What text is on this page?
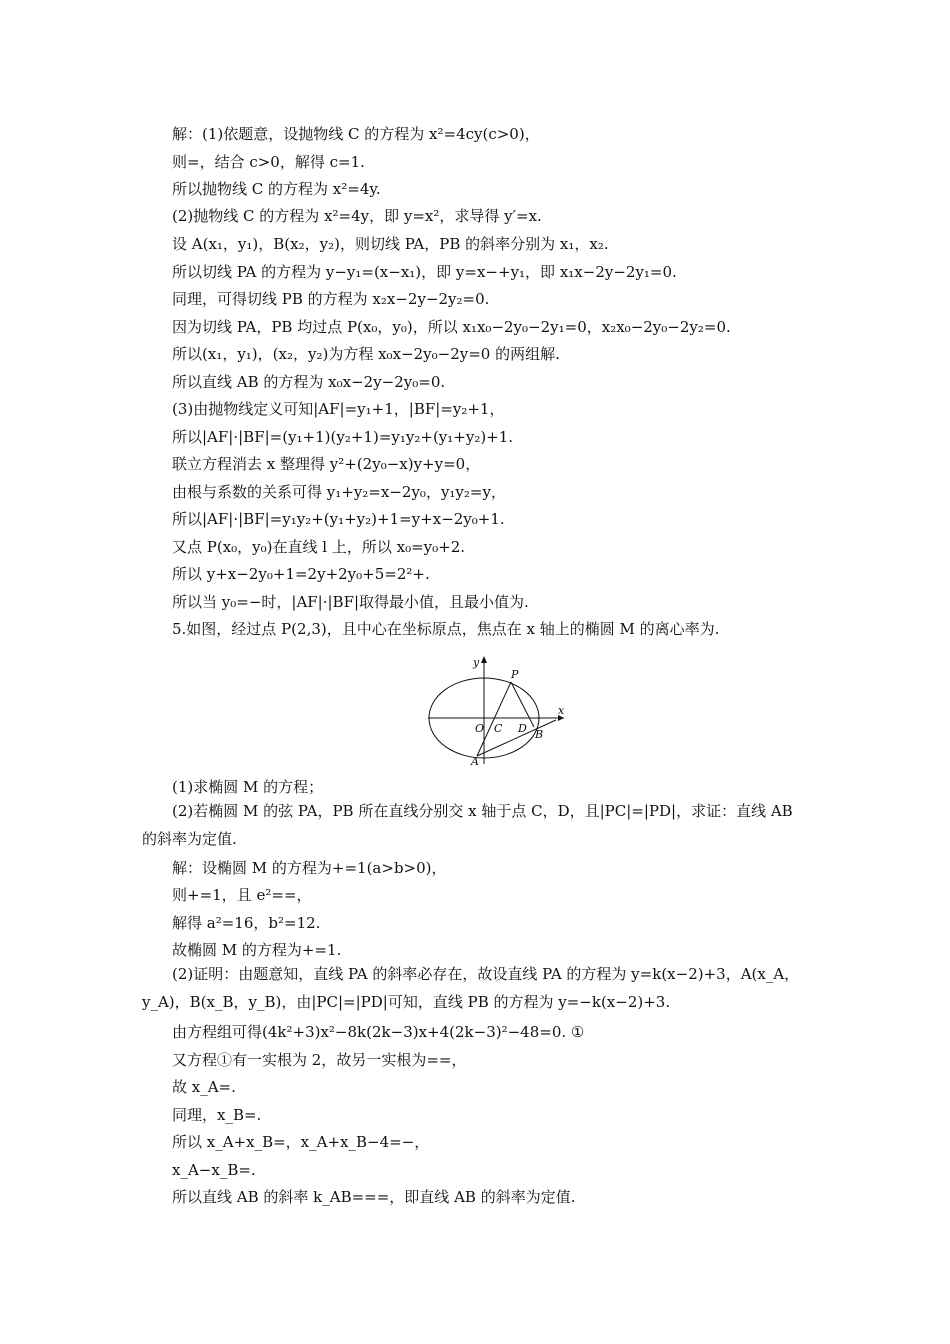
解：(1)依题意，设抛物线 C 的方程为 x²=4cy(c>0)，
则=，结合 c>0，解得 c=1.
所以抛物线 C 的方程为 x²=4y.
(2)抛物线 C 的方程为 x²=4y，即 y=x²，求导得 y′=x.
设 A(x₁，y₁)，B(x₂，y₂)，则切线 PA，PB 的斜率分别为 x₁，x₂.
所以切线 PA 的方程为 y−y₁=(x−x₁)，即 y=x−+y₁，即 x₁x−2y−2y₁=0.
同理，可得切线 PB 的方程为 x₂x−2y−2y₂=0.
因为切线 PA，PB 均过点 P(x₀，y₀)，所以 x₁x₀−2y₀−2y₁=0，x₂x₀−2y₀−2y₂=0.
所以(x₁，y₁)，(x₂，y₂)为方程 x₀x−2y₀−2y=0 的两组解.
所以直线 AB 的方程为 x₀x−2y−2y₀=0.
(3)由抛物线定义可知|AF|=y₁+1，|BF|=y₂+1，
所以|AF|·|BF|=(y₁+1)(y₂+1)=y₁y₂+(y₁+y₂)+1.
联立方程消去 x 整理得 y²+(2y₀−x)y+y=0，
由根与系数的关系可得 y₁+y₂=x−2y₀，y₁y₂=y，
所以|AF|·|BF|=y₁y₂+(y₁+y₂)+1=y+x−2y₀+1.
又点 P(x₀，y₀)在直线 l 上，所以 x₀=y₀+2.
所以 y+x−2y₀+1=2y+2y₀+5=2²+.
所以当 y₀=−时，|AF|·|BF|取得最小值，且最小值为.
5.如图，经过点 P(2,3)，且中心在坐标原点，焦点在 x 轴上的椭圆 M 的离心率为.
y
x
P
O C D B
A
(1)求椭圆 M 的方程；
(2)若椭圆 M 的弦 PA，PB 所在直线分别交 x 轴于点 C，D，且|PC|=|PD|，求证：直线 AB 的斜率为定值.
解：设椭圆 M 的方程为+=1(a>b>0)，
则+=1，且 e²==，
解得 a²=16，b²=12.
故椭圆 M 的方程为+=1.
(2)证明：由题意知，直线 PA 的斜率必存在，故设直线 PA 的方程为 y=k(x−2)+3，A(x_A，y_A)，B(x_B，y_B)，由|PC|=|PD|可知，直线 PB 的方程为 y=−k(x−2)+3.
由方程组可得(4k²+3)x²−8k(2k−3)x+4(2k−3)²−48=0. ①
又方程①有一实根为 2，故另一实根为==，
故 x_A=.
同理，x_B=.
所以 x_A+x_B=，x_A+x_B−4=−，
x_A−x_B=.
所以直线 AB 的斜率 k_AB===，即直线 AB 的斜率为定值.
